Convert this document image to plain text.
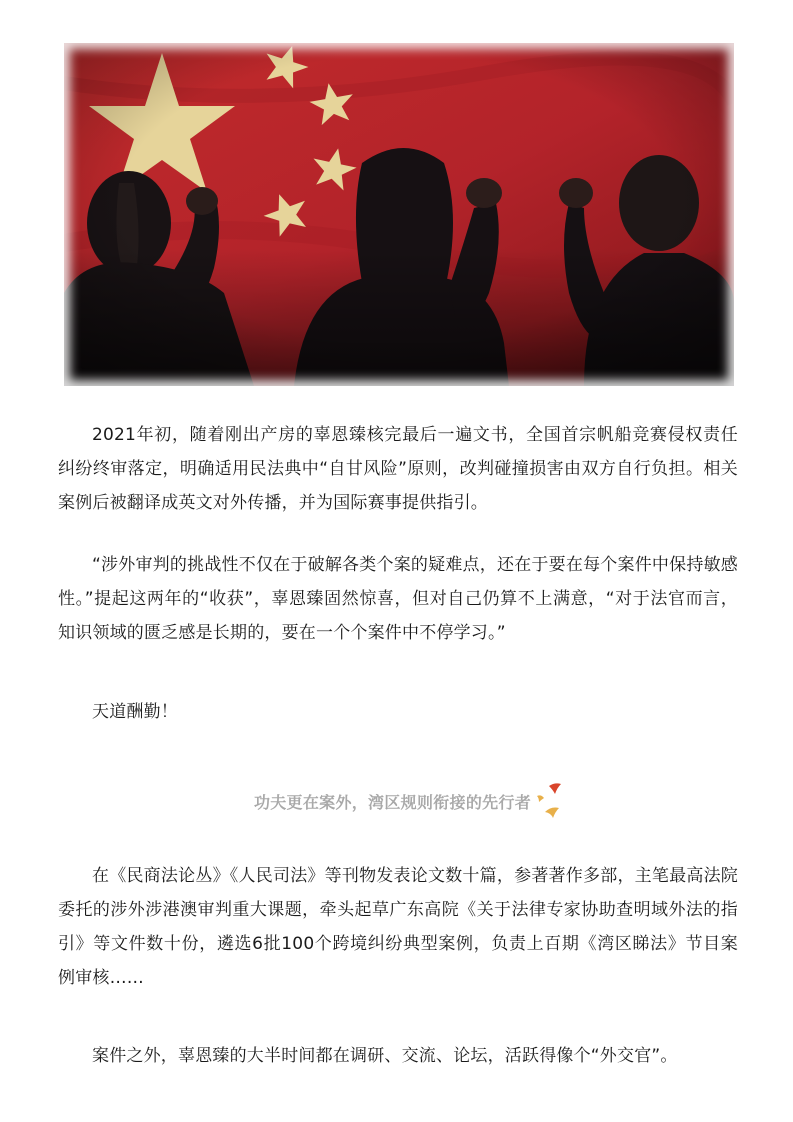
2021年初，随着刚出产房的辜恩臻核完最后一遍文书，全国首宗帆船竞赛侵权责任纠纷终审落定，明确适用民法典中“自甘风险”原则，改判碰撞损害由双方自行负担。相关案例后被翻译成英文对外传播，并为国际赛事提供指引。

“涉外审判的挑战性不仅在于破解各类个案的疑难点，还在于要在每个案件中保持敏感性。”提起这两年的“收获”，辜恩臻固然惊喜，但对自己仍算不上满意，“对于法官而言，知识领域的匮乏感是长期的，要在一个个案件中不停学习。”

天道酬勤！

功夫更在案外，湾区规则衔接的先行者

在《民商法论丛》《人民司法》等刊物发表论文数十篇，参著著作多部，主笔最高法院委托的涉外涉港澳审判重大课题，牵头起草广东高院《关于法律专家协助查明域外法的指引》等文件数十份，遴选6批100个跨境纠纷典型案例，负责上百期《湾区睇法》节目案例审核……

案件之外，辜恩臻的大半时间都在调研、交流、论坛，活跃得像个“外交官”。
